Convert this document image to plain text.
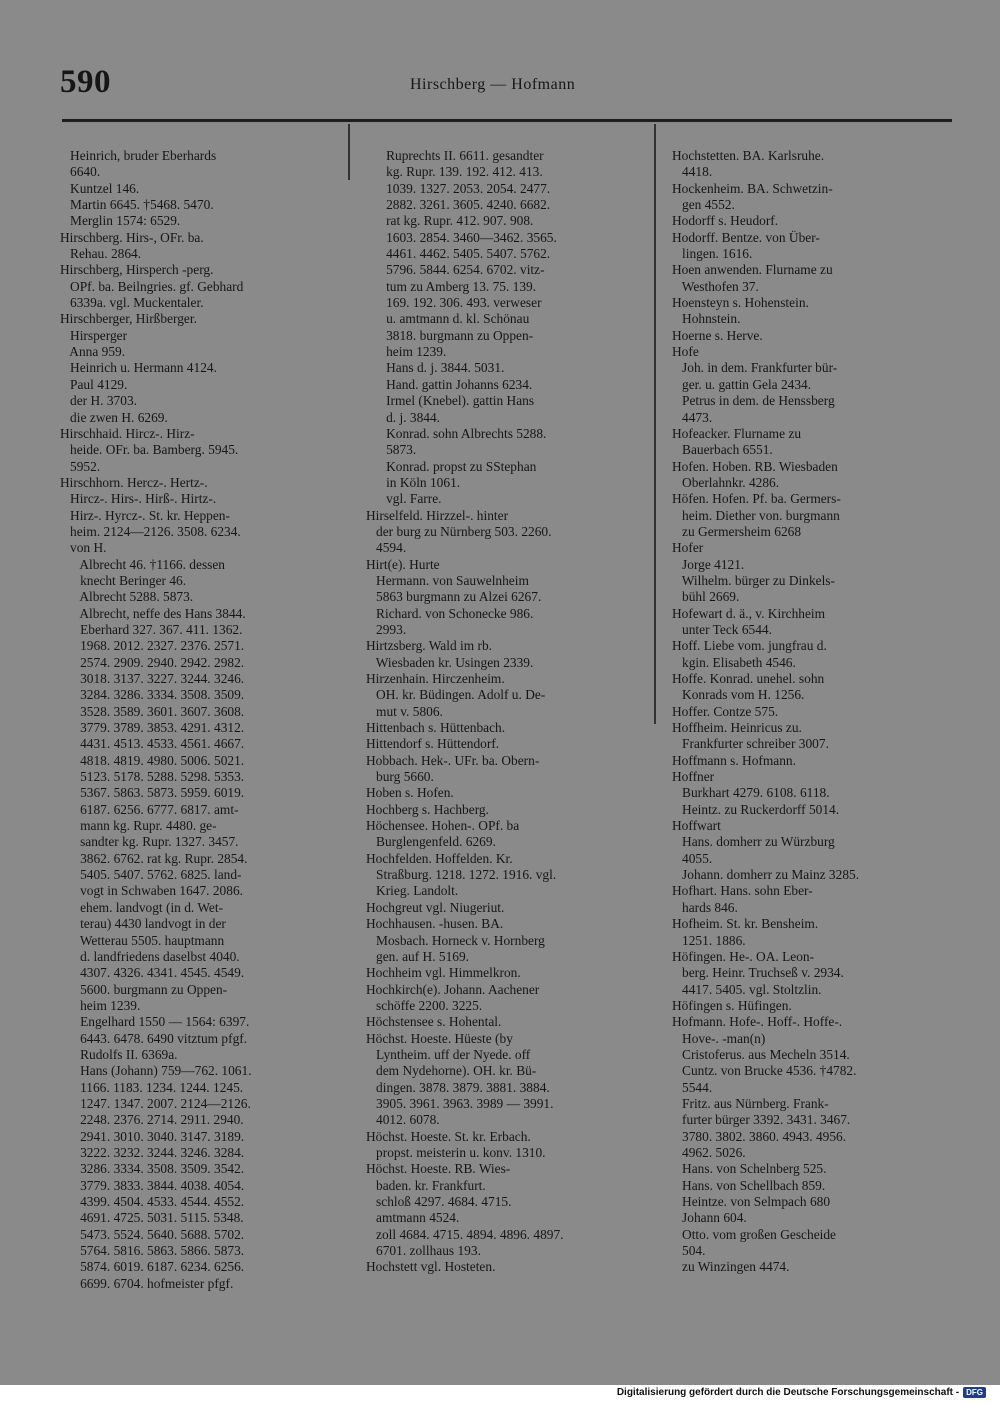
590	Hirschberg — Hofmann
Heinrich, bruder Eberhards
6640.
Kuntzel 146.
Martin 6645. †5468. 5470.
Merglin 1574: 6529.
Hirschberg. Hirs-, OFr. ba.
Rehau. 2864.
Hirschberg, Hirsperch -perg.
OPf. ba. Beilngries. gf. Gebhard
6339a. vgl. Muckentaler.
Hirschberger, Hirßberger.
Hirsperger
Anna 959.
Heinrich u. Hermann 4124.
Paul 4129.
der H. 3703.
die zwen H. 6269.
Hirschhaid. Hircz-. Hirz-
heide. OFr. ba. Bamberg. 5945.
5952.
Hirschhorn. Hercz-. Hertz-.
Hircz-. Hirs-. Hirß-. Hirtz-.
Hirz-. Hyrcz-. St. kr. Heppen-
heim. 2124—2126. 3508. 6234.
von H.
Albrecht 46. †1166. dessen
knecht Beringer 46.
Albrecht 5288. 5873.
Albrecht, neffe des Hans 3844.
Eberhard 327. 367. 411. 1362.
1968. 2012. 2327. 2376. 2571.
2574. 2909. 2940. 2942. 2982.
3018. 3137. 3227. 3244. 3246.
3284. 3286. 3334. 3508. 3509.
3528. 3589. 3601. 3607. 3608.
3779. 3789. 3853. 4291. 4312.
4431. 4513. 4533. 4561. 4667.
4818. 4819. 4980. 5006. 5021.
5123. 5178. 5288. 5298. 5353.
5367. 5863. 5873. 5959. 6019.
6187. 6256. 6777. 6817. amt-
mann kg. Rupr. 4480. ge-
sandter kg. Rupr. 1327. 3457.
3862. 6762. rat kg. Rupr. 2854.
5405. 5407. 5762. 6825. land-
vogt in Schwaben 1647. 2086.
ehem. landvogt (in d. Wet-
terau) 4430 landvogt in der
Wetterau 5505. hauptmann
d. landfriedens daselbst 4040.
4307. 4326. 4341. 4545. 4549.
5600. burgmann zu Oppen-
heim 1239.
Engelhard 1550 — 1564: 6397.
6443. 6478. 6490 vitztum pfgf.
Rudolfs II. 6369a.
Hans (Johann) 759—762. 1061.
1166. 1183. 1234. 1244. 1245.
1247. 1347. 2007. 2124—2126.
2248. 2376. 2714. 2911. 2940.
2941. 3010. 3040. 3147. 3189.
3222. 3232. 3244. 3246. 3284.
3286. 3334. 3508. 3509. 3542.
3779. 3833. 3844. 4038. 4054.
4399. 4504. 4533. 4544. 4552.
4691. 4725. 5031. 5115. 5348.
5473. 5524. 5640. 5688. 5702.
5764. 5816. 5863. 5866. 5873.
5874. 6019. 6187. 6234. 6256.
6699. 6704. hofmeister pfgf.
Ruprechts II. 6611. gesandter
kg. Rupr. 139. 192. 412. 413.
1039. 1327. 2053. 2054. 2477.
2882. 3261. 3605. 4240. 6682.
rat kg. Rupr. 412. 907. 908.
1603. 2854. 3460—3462. 3565.
4461. 4462. 5405. 5407. 5762.
5796. 5844. 6254. 6702. vitz-
tum zu Amberg 13. 75. 139.
169. 192. 306. 493. verweser
u. amtmann d. kl. Schönau
3818. burgmann zu Oppen-
heim 1239.
Hans d. j. 3844. 5031.
Hand. gattin Johanns 6234.
Irmel (Knebel). gattin Hans
d. j. 3844.
Konrad. sohn Albrechts 5288.
5873.
Konrad. propst zu SStephan
in Köln 1061.
vgl. Farre.
Hirselfeld. Hirzzel-. hinter
der burg zu Nürnberg 503. 2260.
4594.
Hirt(e). Hurte
Hermann. von Sauwelnheim
5863 burgmann zu Alzei 6267.
Richard. von Schonecke 986.
2993.
Hirtzsberg. Wald im rb.
Wiesbaden kr. Usingen 2339.
Hirzenhain. Hirczenheim.
OH. kr. Büdingen. Adolf u. De-
mut v. 5806.
Hittenbach s. Hüttenbach.
Hittendorf s. Hüttendorf.
Hobbach. Hek-. UFr. ba. Obern-
burg 5660.
Hoben s. Hofen.
Hochberg s. Hachberg.
Höchensee. Hohen-. OPf. ba
Burglengenfeld. 6269.
Hochfelden. Hoffelden. Kr.
Straßburg. 1218. 1272. 1916. vgl.
Krieg. Landolt.
Hochgreut vgl. Niugeriut.
Hochhausen. -husen. BA.
Mosbach. Horneck v. Hornberg
gen. auf H. 5169.
Hochheim vgl. Himmelkron.
Hochkirch(e). Johann. Aachener
schöffe 2200. 3225.
Höchstensee s. Hohental.
Höchst. Hoeste. Hüeste (by
Lyntheim. uff der Nyede. off
dem Nydehorne). OH. kr. Bü-
dingen. 3878. 3879. 3881. 3884.
3905. 3961. 3963. 3989 — 3991.
4012. 6078.
Höchst. Hoeste. St. kr. Erbach.
propst. meisterin u. konv. 1310.
Höchst. Hoeste. RB. Wies-
baden. kr. Frankfurt.
schloß 4297. 4684. 4715.
amtmann 4524.
zoll 4684. 4715. 4894. 4896. 4897.
6701. zollhaus 193.
Hochstett vgl. Hosteten.
Hochstetten. BA. Karlsruhe.
4418.
Hockenheim. BA. Schwetzin-
gen 4552.
Hodorff s. Heudorf.
Hodorff. Bentze. von Über-
lingen. 1616.
Hoen anwenden. Flurname zu
Westhofen 37.
Hoensteyn s. Hohenstein.
Hohnstein.
Hoerne s. Herve.
Hofe
Joh. in dem. Frankfurter bür-
ger. u. gattin Gela 2434.
Petrus in dem. de Henssberg
4473.
Hofeacker. Flurname zu
Bauerbach 6551.
Hofen. Hoben. RB. Wiesbaden
Oberlahnkr. 4286.
Höfen. Hofen. Pf. ba. Germers-
heim. Diether von. burgmann
zu Germersheim 6268
Hofer
Jorge 4121.
Wilhelm. bürger zu Dinkels-
bühl 2669.
Hofewart d. ä., v. Kirchheim
unter Teck 6544.
Hoff. Liebe vom. jungfrau d.
kgin. Elisabeth 4546.
Hoffe. Konrad. unehel. sohn
Konrads vom H. 1256.
Hoffer. Contze 575.
Hoffheim. Heinricus zu.
Frankfurter schreiber 3007.
Hoffmann s. Hofmann.
Hoffner
Burkhart 4279. 6108. 6118.
Heintz. zu Ruckerdorff 5014.
Hoffwart
Hans. domherr zu Würzburg
4055.
Johann. domherr zu Mainz 3285.
Hofhart. Hans. sohn Eber-
hards 846.
Hofheim. St. kr. Bensheim.
1251. 1886.
Höfingen. He-. OA. Leon-
berg. Heinr. Truchseß v. 2934.
4417. 5405. vgl. Stoltzlin.
Höfingen s. Hüfingen.
Hofmann. Hofe-. Hoff-. Hoffe-.
Hove-. -man(n)
Cristoferus. aus Mecheln 3514.
Cuntz. von Brucke 4536. †4782.
5544.
Fritz. aus Nürnberg. Frank-
furter bürger 3392. 3431. 3467.
3780. 3802. 3860. 4943. 4956.
4962. 5026.
Hans. von Schelnberg 525.
Hans. von Schellbach 859.
Heintze. von Selmpach 680
Johann 604.
Otto. vom großen Gescheide
504.
zu Winzingen 4474.
Digitalisierung gefördert durch die Deutsche Forschungsgemeinschaft - DFG
